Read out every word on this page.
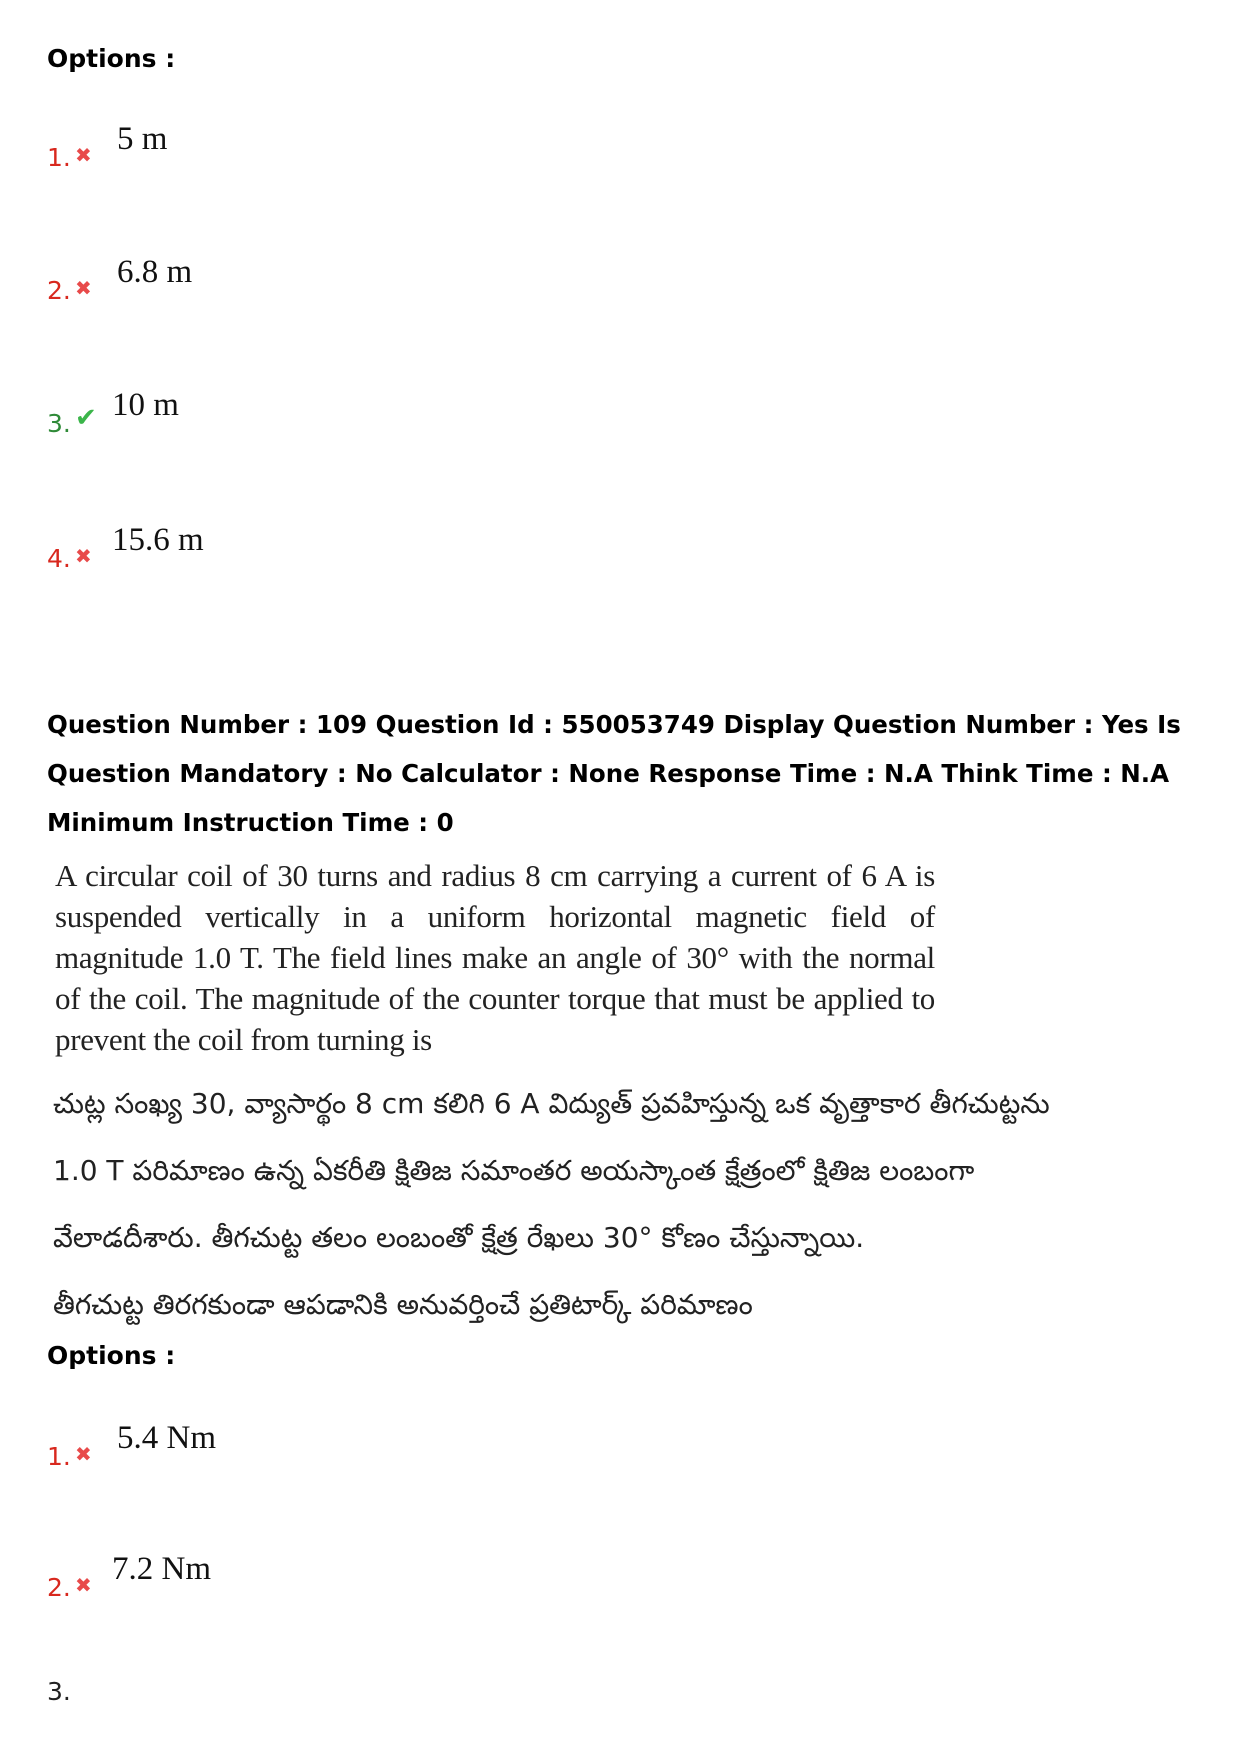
Options :
1. ✖ 5 m
2. ✖ 6.8 m
3. ✔ 10 m
4. ✖ 15.6 m
Question Number : 109 Question Id : 550053749 Display Question Number : Yes Is Question Mandatory : No Calculator : None Response Time : N.A Think Time : N.A Minimum Instruction Time : 0

A circular coil of 30 turns and radius 8 cm carrying a current of 6 A is suspended vertically in a uniform horizontal magnetic field of magnitude 1.0 T. The field lines make an angle of 30° with the normal of the coil. The magnitude of the counter torque that must be applied to prevent the coil from turning is

చుట్ల సంఖ్య 30, వ్యాసార్థం 8 cm కలిగి 6 A విద్యుత్ ప్రవహిస్తున్న ఒక వృత్తాకార తీగచుట్టను
1.0 T పరిమాణం ఉన్న ఏకరీతి క్షితిజ సమాంతర అయస్కాంత క్షేత్రంలో క్షితిజ లంబంగా
వేలాడదీశారు. తీగచుట్ట తలం లంబంతో క్షేత్ర రేఖలు 30° కోణం చేస్తున్నాయి.
తీగచుట్ట తిరగకుండా ఆపడానికి అనువర్తించే ప్రతిటార్క్ పరిమాణం
Options :
1. ✖ 5.4 Nm
2. ✖ 7.2 Nm
3.
